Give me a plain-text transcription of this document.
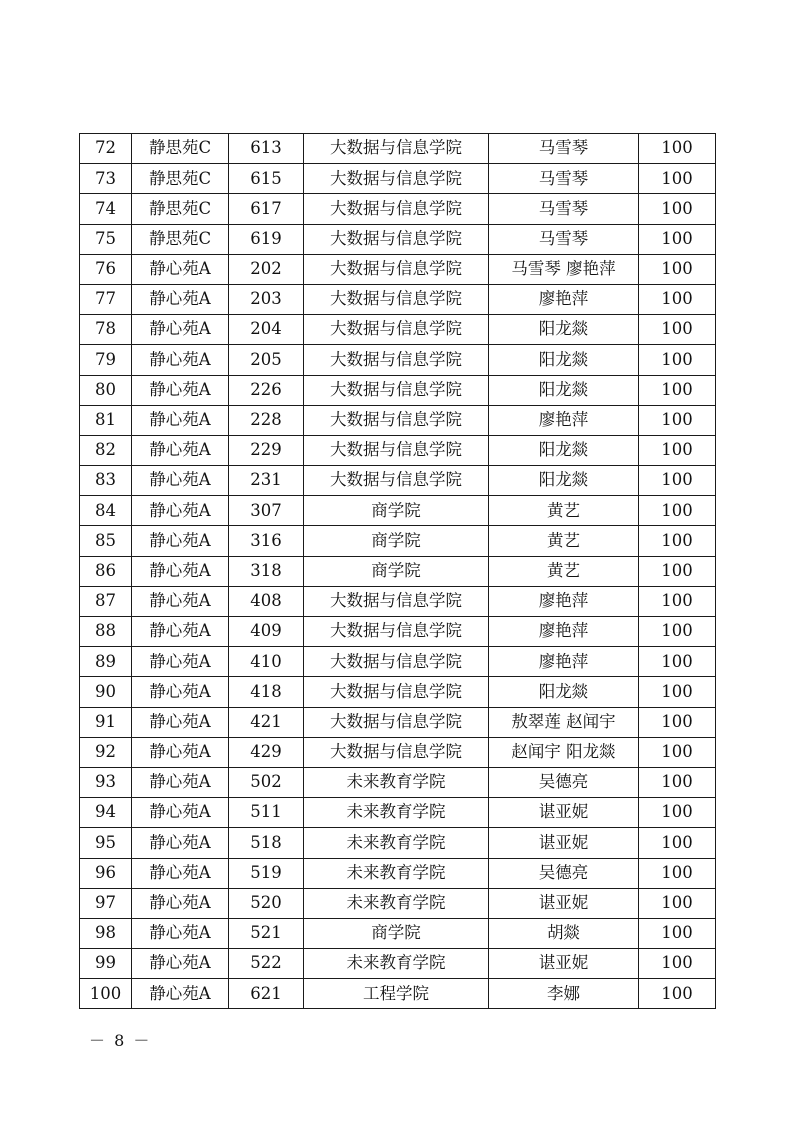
72	静思苑C	613	大数据与信息学院	马雪琴	100
73	静思苑C	615	大数据与信息学院	马雪琴	100
74	静思苑C	617	大数据与信息学院	马雪琴	100
75	静思苑C	619	大数据与信息学院	马雪琴	100
76	静心苑A	202	大数据与信息学院	马雪琴 廖艳萍	100
77	静心苑A	203	大数据与信息学院	廖艳萍	100
78	静心苑A	204	大数据与信息学院	阳龙燚	100
79	静心苑A	205	大数据与信息学院	阳龙燚	100
80	静心苑A	226	大数据与信息学院	阳龙燚	100
81	静心苑A	228	大数据与信息学院	廖艳萍	100
82	静心苑A	229	大数据与信息学院	阳龙燚	100
83	静心苑A	231	大数据与信息学院	阳龙燚	100
84	静心苑A	307	商学院	黄艺	100
85	静心苑A	316	商学院	黄艺	100
86	静心苑A	318	商学院	黄艺	100
87	静心苑A	408	大数据与信息学院	廖艳萍	100
88	静心苑A	409	大数据与信息学院	廖艳萍	100
89	静心苑A	410	大数据与信息学院	廖艳萍	100
90	静心苑A	418	大数据与信息学院	阳龙燚	100
91	静心苑A	421	大数据与信息学院	敖翠莲 赵闻宇	100
92	静心苑A	429	大数据与信息学院	赵闻宇 阳龙燚	100
93	静心苑A	502	未来教育学院	吴德亮	100
94	静心苑A	511	未来教育学院	谌亚妮	100
95	静心苑A	518	未来教育学院	谌亚妮	100
96	静心苑A	519	未来教育学院	吴德亮	100
97	静心苑A	520	未来教育学院	谌亚妮	100
98	静心苑A	521	商学院	胡燚	100
99	静心苑A	522	未来教育学院	谌亚妮	100
100	静心苑A	621	工程学院	李娜	100
－ 8 －
